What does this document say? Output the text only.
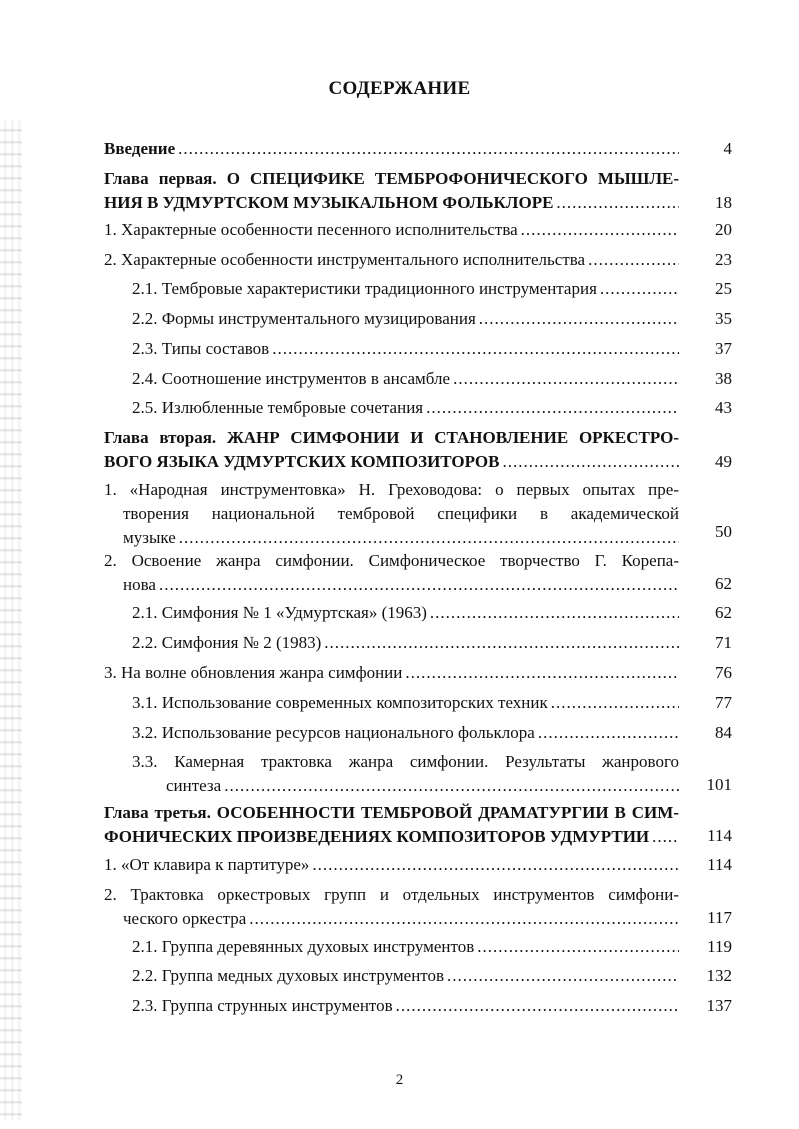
СОДЕРЖАНИЕ
Введение .....	4
Глава первая. О СПЕЦИФИКЕ ТЕМБРОФОНИЧЕСКОГО МЫШЛЕ-
НИЯ В УДМУРТСКОМ МУЗЫКАЛЬНОМ ФОЛЬКЛОРЕ .....	18
1. Характерные особенности песенного исполнительства .....	20
2. Характерные особенности инструментального исполнительства .....	23
2.1. Тембровые характеристики традиционного инструментария .....	25
2.2. Формы инструментального музицирования .....	35
2.3. Типы составов .....	37
2.4. Соотношение инструментов в ансамбле .....	38
2.5. Излюбленные тембровые сочетания .....	43
Глава вторая. ЖАНР СИМФОНИИ И СТАНОВЛЕНИЕ ОРКЕСТРО-
ВОГО ЯЗЫКА УДМУРТСКИХ КОМПОЗИТОРОВ .....	49
1. «Народная инструментовка» Н. Греховодова: о первых опытах пре-
творения национальной тембровой специфики в академической
музыке .....	50
2. Освоение жанра симфонии. Симфоническое творчество Г. Корепа-
нова .....	62
2.1. Симфония № 1 «Удмуртская» (1963) .....	62
2.2. Симфония № 2 (1983) .....	71
3. На волне обновления жанра симфонии .....	76
3.1. Использование современных композиторских техник .....	77
3.2. Использование ресурсов национального фольклора .....	84
3.3. Камерная трактовка жанра симфонии. Результаты жанрового
синтеза .....	101
Глава третья. ОСОБЕННОСТИ ТЕМБРОВОЙ ДРАМАТУРГИИ В СИМ-
ФОНИЧЕСКИХ ПРОИЗВЕДЕНИЯХ КОМПОЗИТОРОВ УДМУРТИИ .....	114
1. «От клавира к партитуре» .....	114
2. Трактовка оркестровых групп и отдельных инструментов симфони-
ческого оркестра .....	117
2.1. Группа деревянных духовых инструментов .....	119
2.2. Группа медных духовых инструментов .....	132
2.3. Группа струнных инструментов .....	137
2
